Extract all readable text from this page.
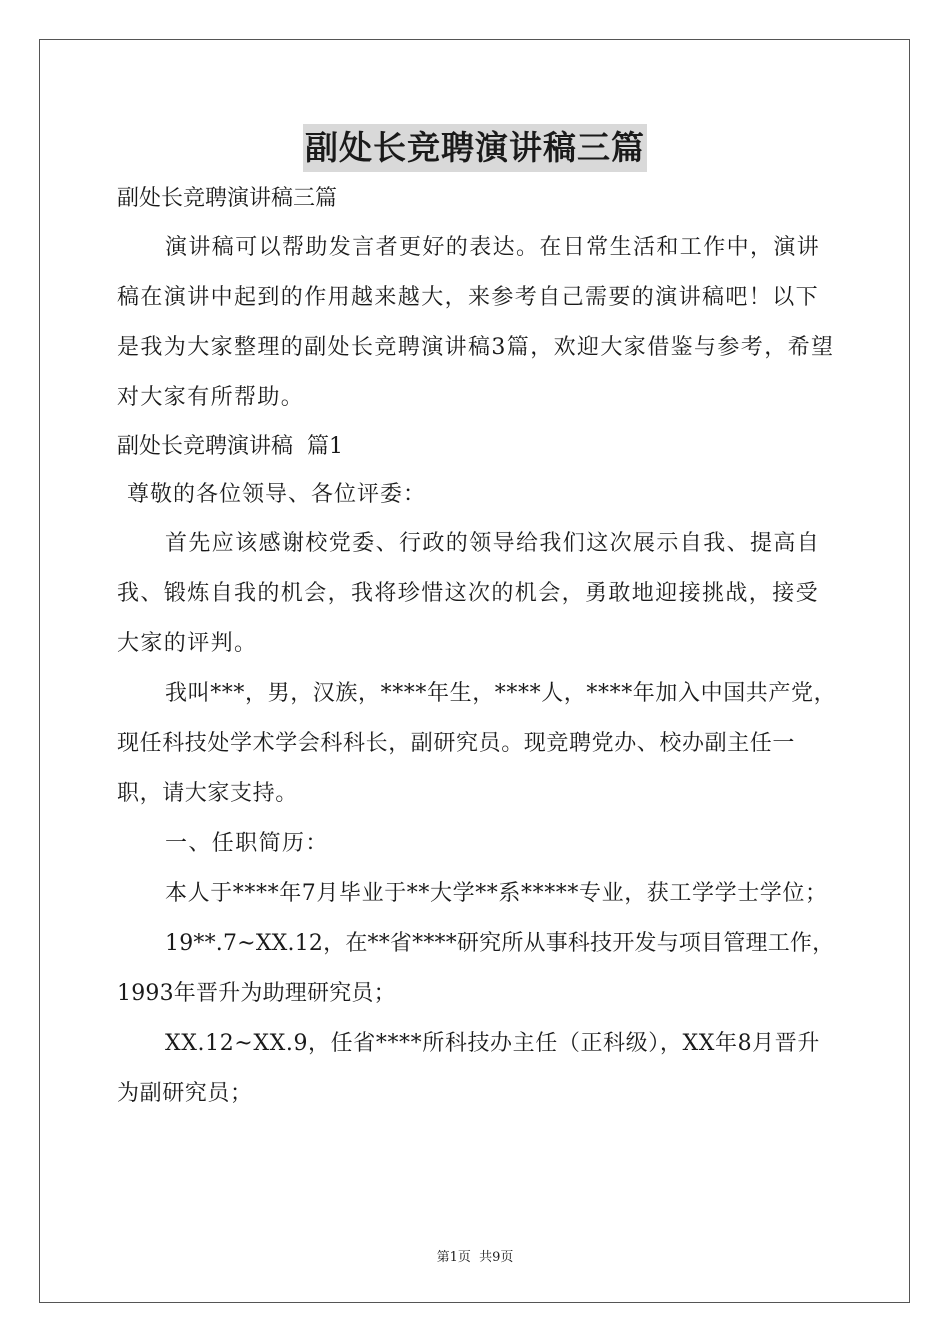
副处长竞聘演讲稿三篇

副处长竞聘演讲稿三篇

演讲稿可以帮助发言者更好的表达。在日常生活和工作中，演讲稿在演讲中起到的作用越来越大，来参考自己需要的演讲稿吧！以下是我为大家整理的副处长竞聘演讲稿3篇，欢迎大家借鉴与参考，希望对大家有所帮助。

副处长竞聘演讲稿  篇1

尊敬的各位领导、各位评委：

首先应该感谢校党委、行政的领导给我们这次展示自我、提高自我、锻炼自我的机会，我将珍惜这次的机会，勇敢地迎接挑战，接受大家的评判。

我叫***，男，汉族，****年生，****人，****年加入中国共产党，现任科技处学术学会科科长，副研究员。现竞聘党办、校办副主任一职，请大家支持。

一、任职简历：

本人于****年7月毕业于**大学**系*****专业，获工学学士学位；

19**.7~XX.12，在**省****研究所从事科技开发与项目管理工作，1993年晋升为助理研究员；

XX.12~XX.9，任省****所科技办主任（正科级），XX年8月晋升为副研究员；

第1页 共9页
